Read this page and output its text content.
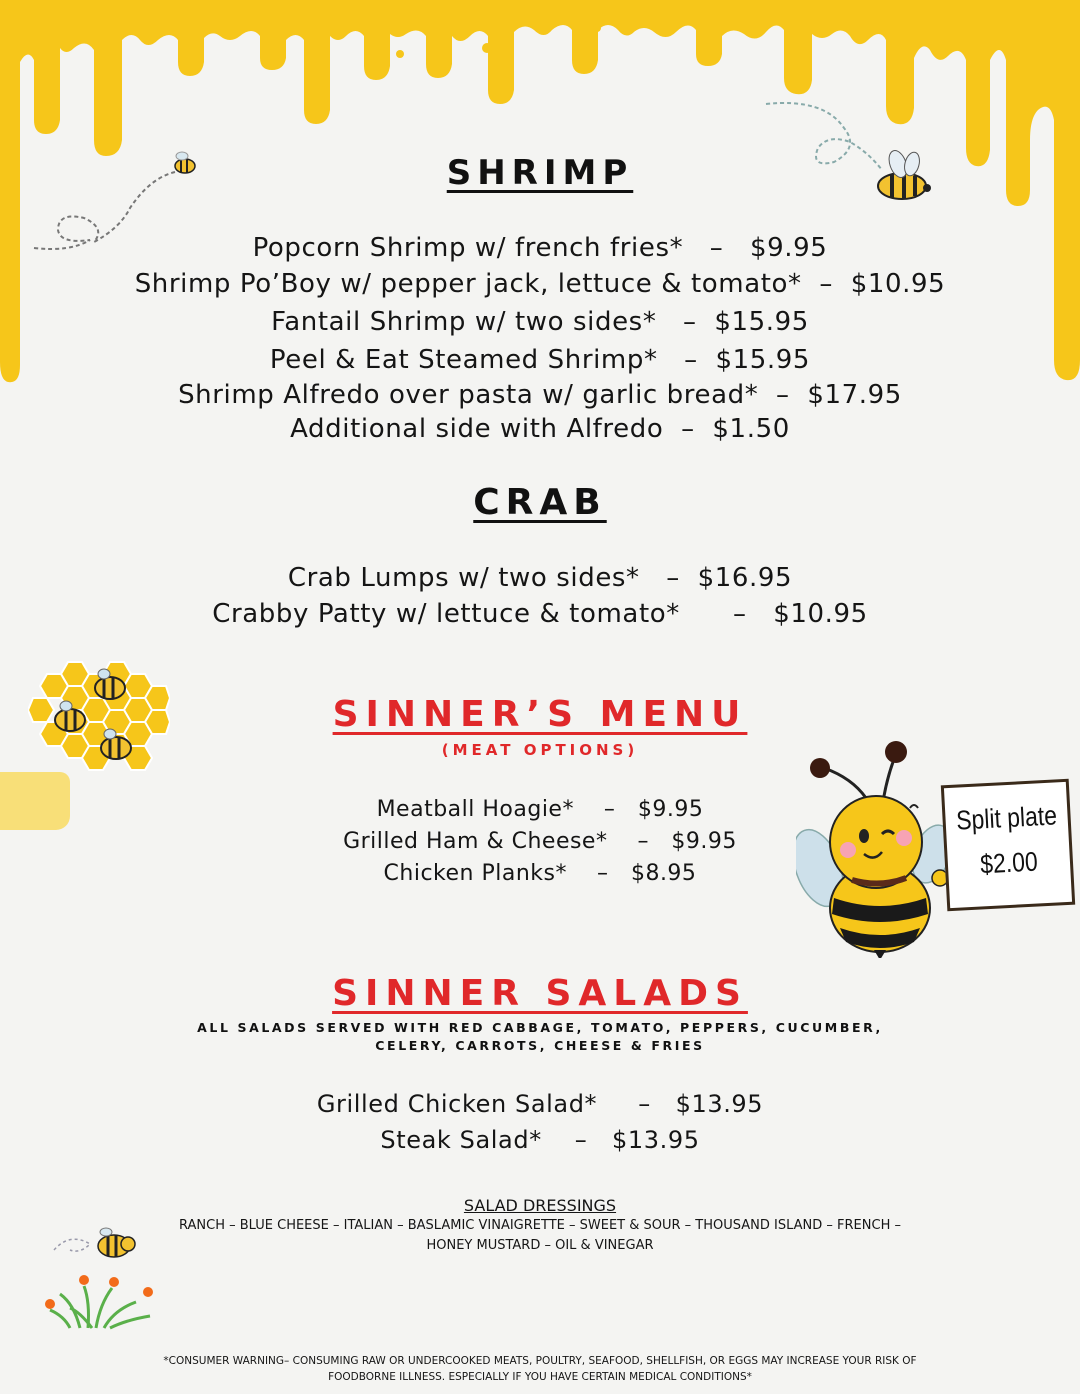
Split plate
$2.00
SHRIMP
Popcorn Shrimp w/ french fries*   –   $9.95
Shrimp Po’Boy w/ pepper jack, lettuce & tomato*  –  $10.95
Fantail Shrimp w/ two sides*   –  $15.95
Peel & Eat Steamed Shrimp*   –  $15.95
Shrimp Alfredo over pasta w/ garlic bread*  –  $17.95
Additional side with Alfredo  –  $1.50
CRAB
Crab Lumps w/ two sides*   –  $16.95
Crabby Patty w/ lettuce & tomato*      –   $10.95
SINNER’S MENU
(MEAT OPTIONS)
Meatball Hoagie*    –   $9.95
Grilled Ham & Cheese*    –   $9.95
Chicken Planks*    –   $8.95
SINNER SALADS
ALL SALADS SERVED WITH RED CABBAGE, TOMATO, PEPPERS, CUCUMBER,
CELERY, CARROTS, CHEESE & FRIES
Grilled Chicken Salad*     –   $13.95
Steak Salad*    –   $13.95
SALAD DRESSINGS
RANCH – BLUE CHEESE – ITALIAN – BASLAMIC VINAIGRETTE – SWEET & SOUR – THOUSAND ISLAND – FRENCH –
HONEY MUSTARD – OIL & VINEGAR
*CONSUMER WARNING– CONSUMING RAW OR UNDERCOOKED MEATS, POULTRY, SEAFOOD, SHELLFISH, OR EGGS MAY INCREASE YOUR RISK OF
FOODBORNE ILLNESS. ESPECIALLY IF YOU HAVE CERTAIN MEDICAL CONDITIONS*
